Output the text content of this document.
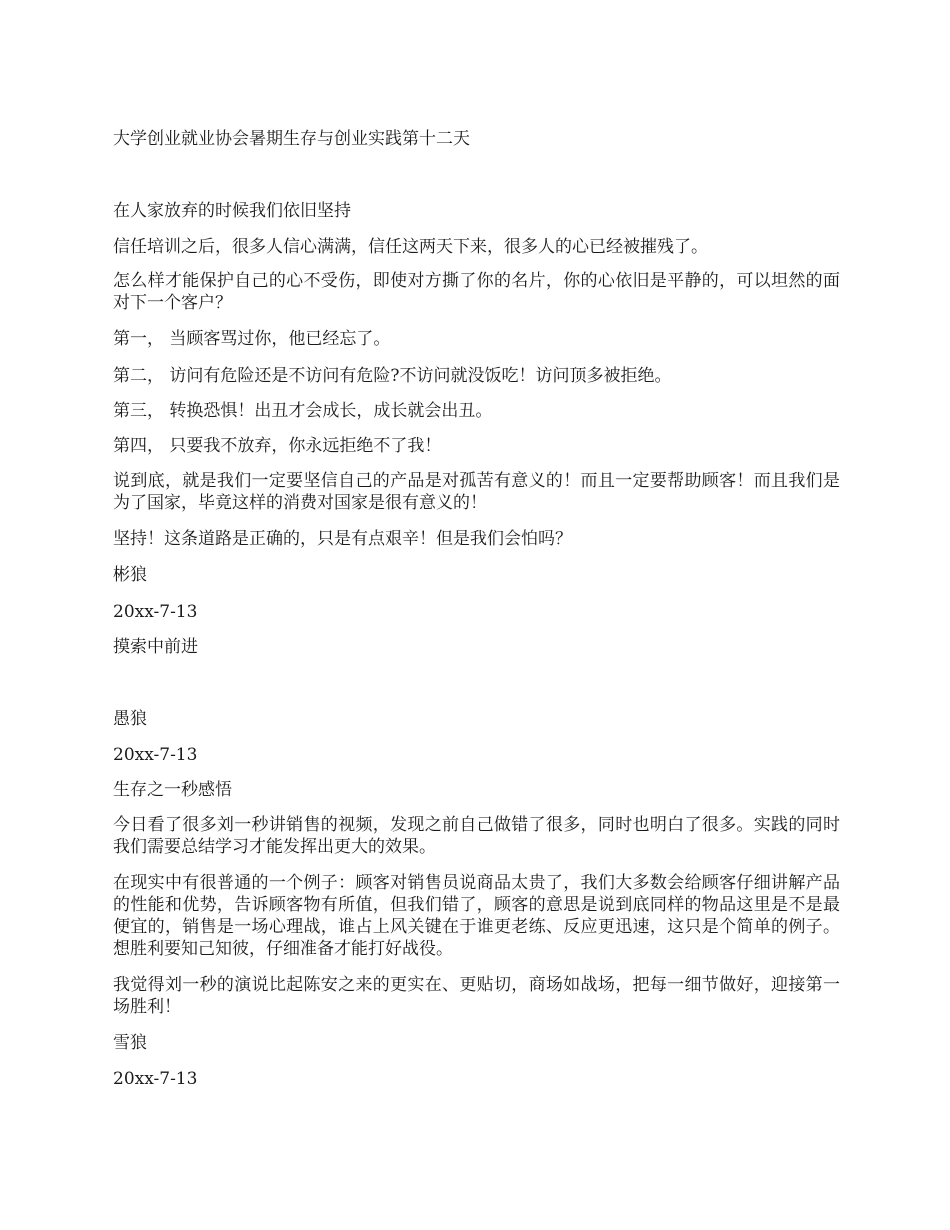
大学创业就业协会暑期生存与创业实践第十二天

在人家放弃的时候我们依旧坚持

信任培训之后，很多人信心满满，信任这两天下来，很多人的心已经被摧残了。

怎么样才能保护自己的心不受伤，即使对方撕了你的名片，你的心依旧是平静的，可以坦然的面对下一个客户？

第一， 当顾客骂过你，他已经忘了。

第二， 访问有危险还是不访问有危险?不访问就没饭吃！访问顶多被拒绝。

第三， 转换恐惧！出丑才会成长，成长就会出丑。

第四， 只要我不放弃，你永远拒绝不了我！

说到底，就是我们一定要坚信自己的产品是对孤苦有意义的！而且一定要帮助顾客！而且我们是为了国家，毕竟这样的消费对国家是很有意义的！

坚持！这条道路是正确的，只是有点艰辛！但是我们会怕吗？

彬狼

20xx-7-13

摸索中前进

愚狼

20xx-7-13

生存之一秒感悟

今日看了很多刘一秒讲销售的视频，发现之前自己做错了很多，同时也明白了很多。实践的同时我们需要总结学习才能发挥出更大的效果。

在现实中有很普通的一个例子：顾客对销售员说商品太贵了，我们大多数会给顾客仔细讲解产品的性能和优势，告诉顾客物有所值，但我们错了，顾客的意思是说到底同样的物品这里是不是最便宜的，销售是一场心理战，谁占上风关键在于谁更老练、反应更迅速，这只是个简单的例子。想胜利要知己知彼，仔细准备才能打好战役。

我觉得刘一秒的演说比起陈安之来的更实在、更贴切，商场如战场，把每一细节做好，迎接第一场胜利！

雪狼

20xx-7-13
